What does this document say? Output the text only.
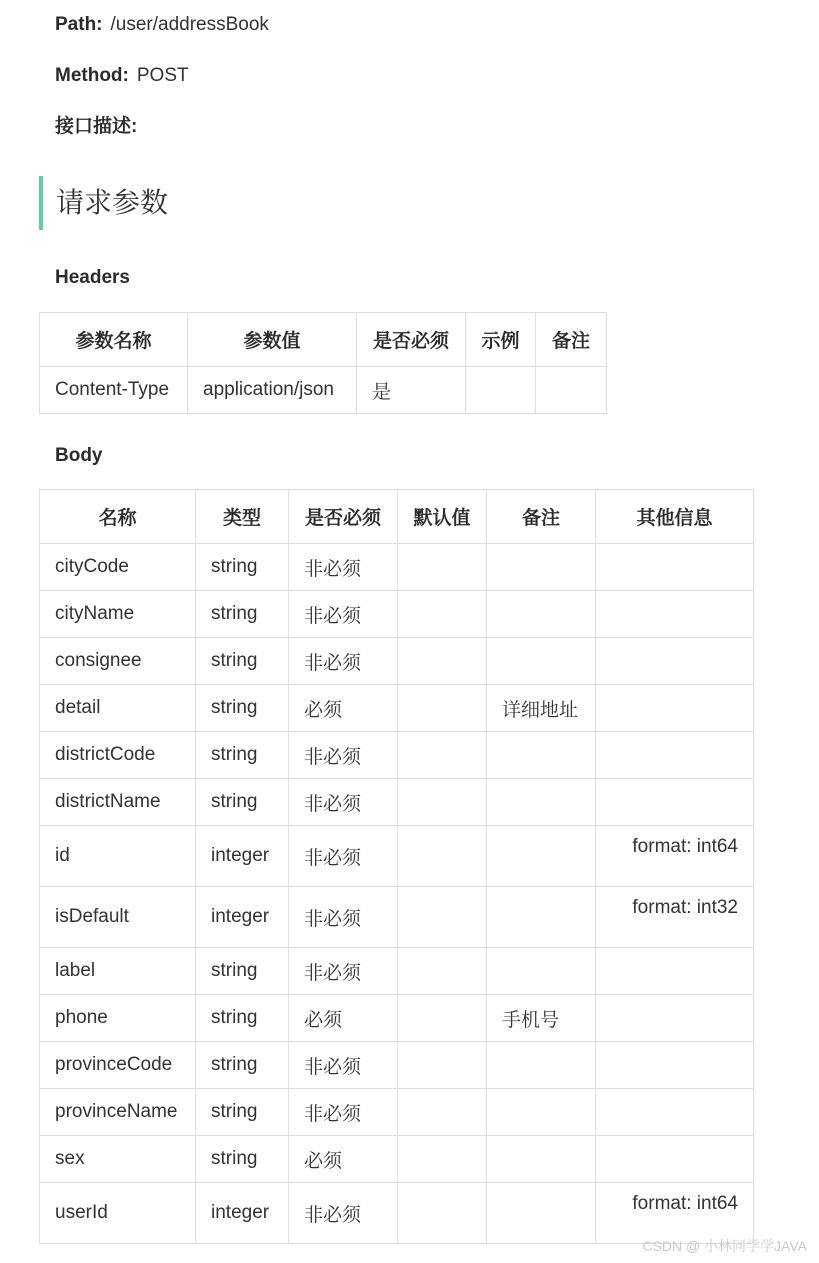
Path: /user/addressBook
Method: POST
接口描述:
请求参数
Headers
参数名称	参数值	是否必须	示例	备注
Content-Type	application/json	是		
Body
名称	类型	是否必须	默认值	备注	其他信息
cityCode	string	非必须			
cityName	string	非必须			
consignee	string	非必须			
detail	string	必须		详细地址	
districtCode	string	非必须			
districtName	string	非必须			
id	integer	非必须			format: int64
isDefault	integer	非必须			format: int32
label	string	非必须			
phone	string	必须		手机号	
provinceCode	string	非必须			
provinceName	string	非必须			
sex	string	必须			
userId	integer	非必须			format: int64
CSDN @ 小林同学学JAVA
